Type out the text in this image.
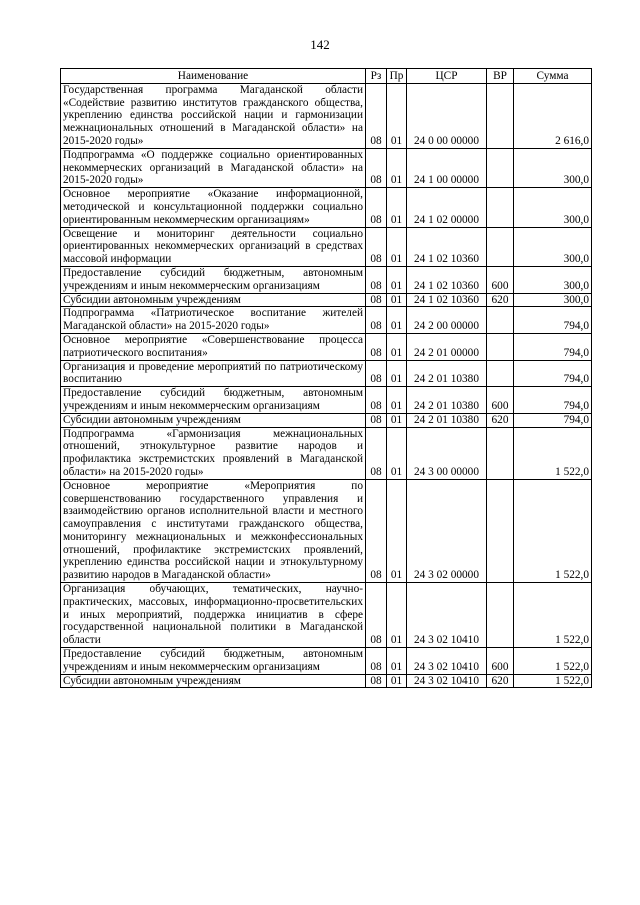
142
Наименование	Рз	Пр	ЦСР	ВР	Сумма
Государственная программа Магаданской области «Содействие развитию институтов гражданского общества, укреплению единства российской нации и гармонизации межнациональных отношений в Магаданской области» на 2015-2020 годы»	08	01	24 0 00 00000		2 616,0
Подпрограмма «О поддержке социально ориентированных некоммерческих организаций в Магаданской области» на 2015-2020 годы»	08	01	24 1 00 00000		300,0
Основное мероприятие «Оказание информационной, методической и консультационной поддержки социально ориентированным некоммерческим организациям»	08	01	24 1 02 00000		300,0
Освещение и мониторинг деятельности социально ориентированных некоммерческих организаций в средствах массовой информации	08	01	24 1 02 10360		300,0
Предоставление субсидий бюджетным, автономным учреждениям и иным некоммерческим организациям	08	01	24 1 02 10360	600	300,0
Субсидии автономным учреждениям	08	01	24 1 02 10360	620	300,0
Подпрограмма «Патриотическое воспитание жителей Магаданской области» на 2015-2020 годы»	08	01	24 2 00 00000		794,0
Основное мероприятие «Совершенствование процесса патриотического воспитания»	08	01	24 2 01 00000		794,0
Организация и проведение мероприятий по патриотическому воспитанию	08	01	24 2 01 10380		794,0
Предоставление субсидий бюджетным, автономным учреждениям и иным некоммерческим организациям	08	01	24 2 01 10380	600	794,0
Субсидии автономным учреждениям	08	01	24 2 01 10380	620	794,0
Подпрограмма «Гармонизация межнациональных отношений, этнокультурное развитие народов и профилактика экстремистских проявлений в Магаданской области» на 2015-2020 годы»	08	01	24 3 00 00000		1 522,0
Основное мероприятие «Мероприятия по совершенствованию государственного управления и взаимодействию органов исполнительной власти и местного самоуправления с институтами гражданского общества, мониторингу межнациональных и межконфессиональных отношений, профилактике экстремистских проявлений, укреплению единства российской нации и этнокультурному развитию народов в Магаданской области»	08	01	24 3 02 00000		1 522,0
Организация обучающих, тематических, научно-практических, массовых, информационно-просветительских и иных мероприятий, поддержка инициатив в сфере государственной национальной политики в Магаданской области	08	01	24 3 02 10410		1 522,0
Предоставление субсидий бюджетным, автономным учреждениям и иным некоммерческим организациям	08	01	24 3 02 10410	600	1 522,0
Субсидии автономным учреждениям	08	01	24 3 02 10410	620	1 522,0
